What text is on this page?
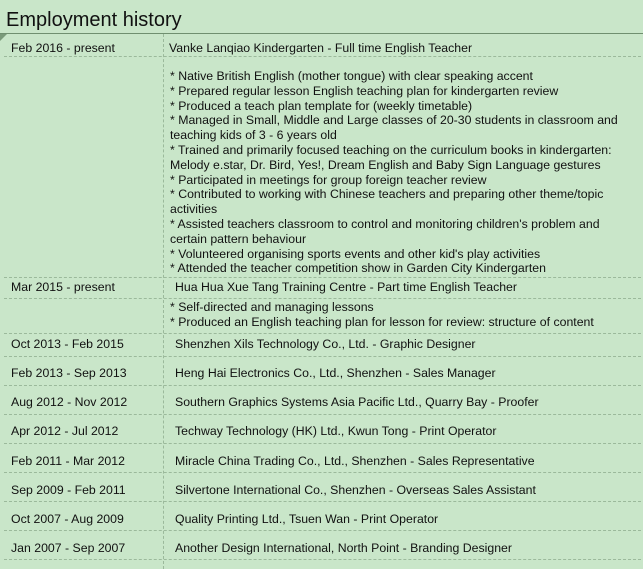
Employment history
Feb 2016 - present	Vanke Lanqiao Kindergarten - Full time English Teacher
* Native British English (mother tongue) with clear speaking accent
* Prepared regular lesson English teaching plan for kindergarten review
* Produced a teach plan template for (weekly timetable)
* Managed in Small, Middle and Large classes of 20-30 students in classroom and
teaching kids of 3 - 6 years old
* Trained and primarily focused teaching on the curriculum books in kindergarten:
Melody e.star, Dr. Bird, Yes!, Dream English and Baby Sign Language gestures
* Participated in meetings for group foreign teacher review
* Contributed to working with Chinese teachers and preparing other theme/topic
activities
* Assisted teachers classroom to control and monitoring children's problem and
certain pattern behaviour
* Volunteered organising sports events and other kid's play activities
* Attended the teacher competition show in Garden City Kindergarten
Mar 2015 - present	Hua Hua Xue Tang Training Centre - Part time English Teacher
* Self-directed and managing lessons
* Produced an English teaching plan for lesson for review: structure of content
Oct 2013 - Feb 2015	Shenzhen Xils Technology Co., Ltd. - Graphic Designer
Feb 2013 - Sep 2013	Heng Hai Electronics Co., Ltd., Shenzhen - Sales Manager
Aug 2012 - Nov 2012	Southern Graphics Systems Asia Pacific Ltd., Quarry Bay - Proofer
Apr 2012 - Jul 2012	Techway Technology (HK) Ltd., Kwun Tong - Print Operator
Feb 2011 - Mar 2012	Miracle China Trading Co., Ltd., Shenzhen - Sales Representative
Sep 2009 - Feb 2011	Silvertone International Co., Shenzhen - Overseas Sales Assistant
Oct 2007 - Aug 2009	Quality Printing Ltd., Tsuen Wan - Print Operator
Jan 2007 - Sep 2007	Another Design International, North Point - Branding Designer
